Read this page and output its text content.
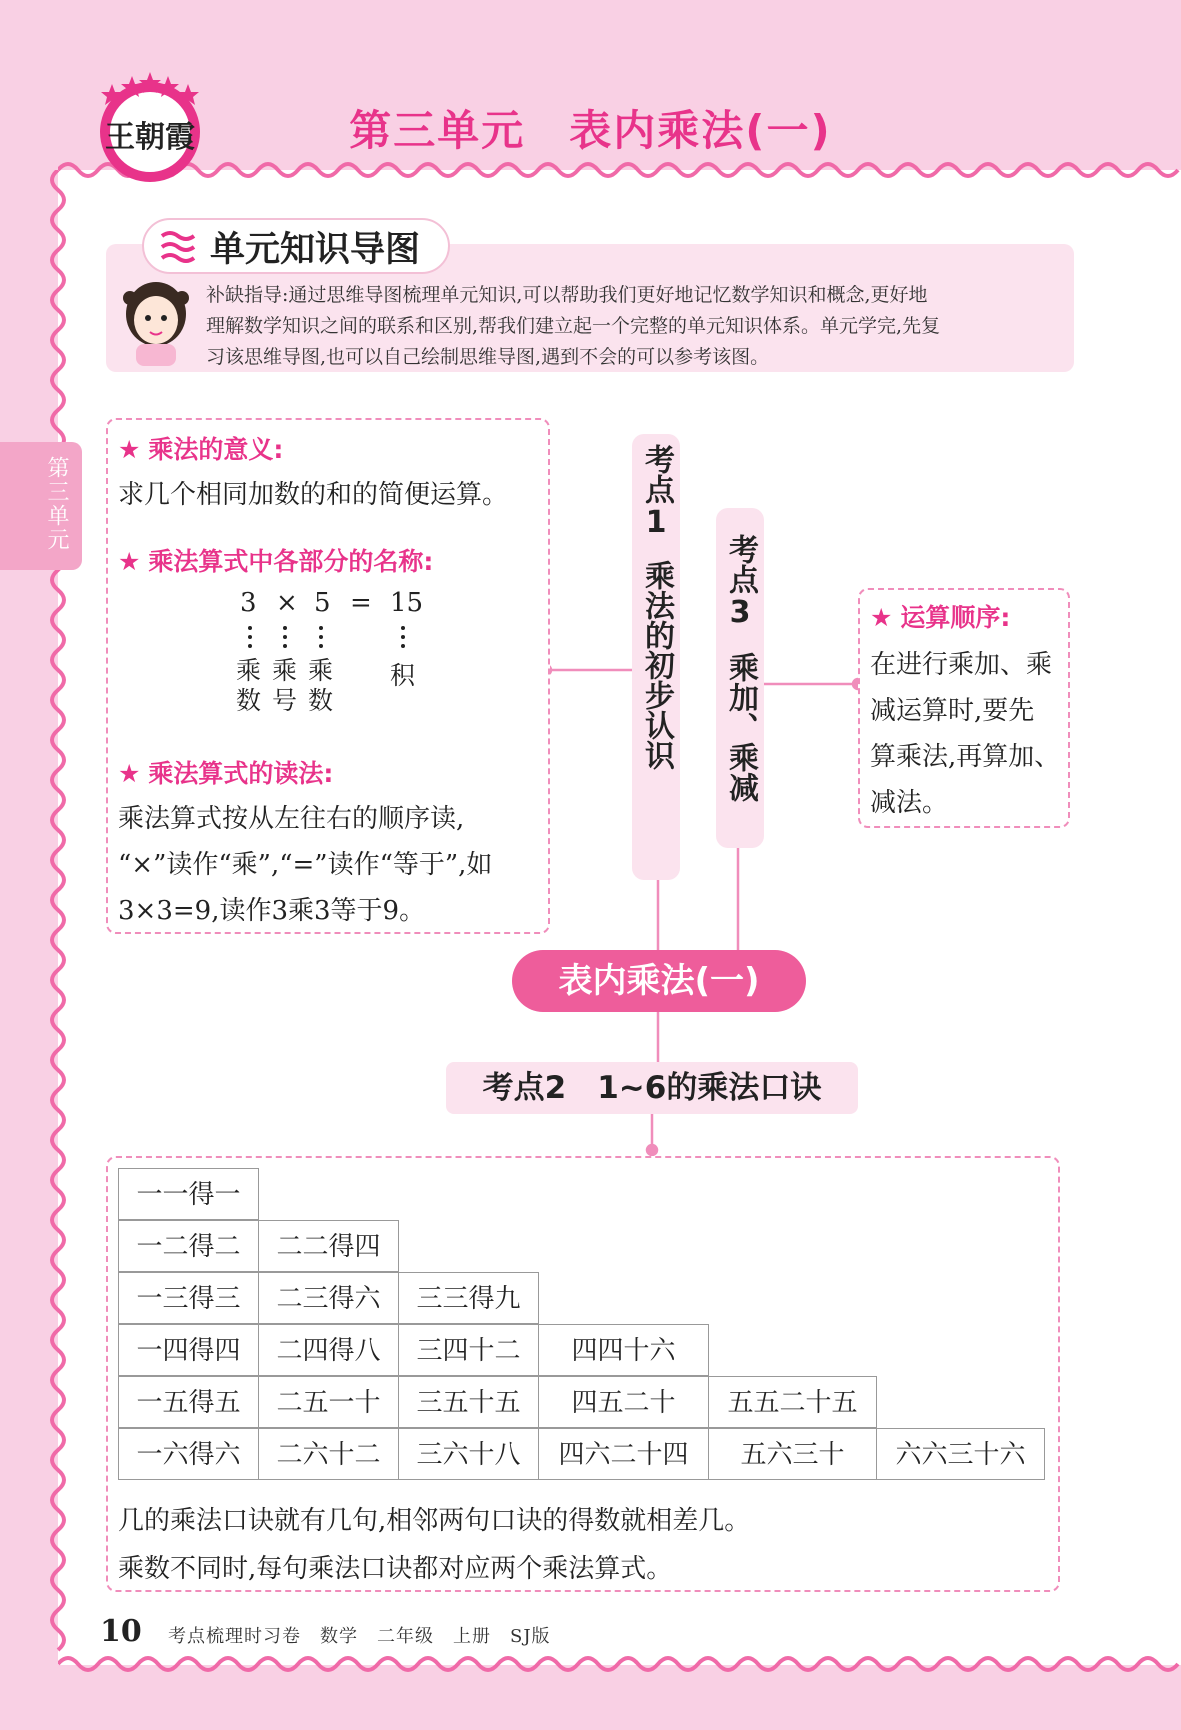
王朝霞	第三单元　表内乘法(一)
第三单元
补缺指导:通过思维导图梳理单元知识,可以帮助我们更好地记忆数学知识和概念,更好地
理解数学知识之间的联系和区别,帮我们建立起一个完整的单元知识体系。单元学完,先复
习该思维导图,也可以自己绘制思维导图,遇到不会的可以参考该图。
单元知识导图
★ 乘法的意义:
求几个相同加数的和的简便运算。
★ 乘法算式中各部分的名称:
3 × 5 = 15
乘数
乘号
乘数
积
★ 乘法算式的读法:
乘法算式按从左往右的顺序读,
“×”读作“乘”,“=”读作“等于”,如
3×3=9,读作3乘3等于9。
考点
1
乘法的初步认识 考点
3
乘加、乘减
★ 运算顺序:
在进行乘加、乘
减运算时,要先
算乘法,再算加、
减法。
表内乘法(一)
考点2　1~6的乘法口诀
一一得一
一二得二	二二得四
一三得三	二三得六	三三得九
一四得四	二四得八	三四十二	四四十六
一五得五	二五一十	三五十五	四五二十	五五二十五
一六得六	二六十二	三六十八	四六二十四	五六三十	六六三十六
几的乘法口诀就有几句,相邻两句口诀的得数就相差几。
乘数不同时,每句乘法口诀都对应两个乘法算式。
10 考点梳理时习卷　数学　二年级　上册　SJ版
